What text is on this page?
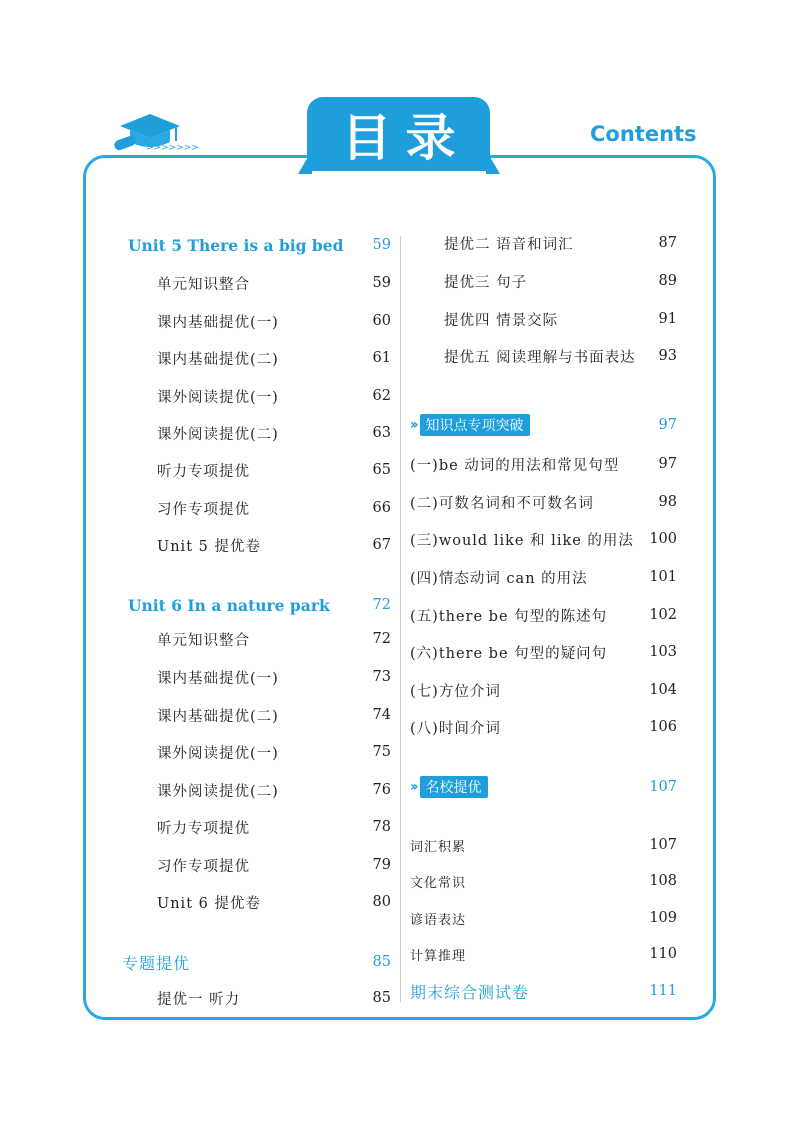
目录	Contents
>>>>>>>
Unit 5 There is a big bed 59
单元知识整合	59
课内基础提优(一)	60
课内基础提优(二)	61
课外阅读提优(一)	62
课外阅读提优(二)	63
听力专项提优	65
习作专项提优	66
Unit 5 提优卷	67
Unit 6 In a nature park	72
单元知识整合	72
课内基础提优(一)	73
课内基础提优(二)	74
课外阅读提优(一)	75
课外阅读提优(二)	76
听力专项提优	78
习作专项提优	79
Unit 6 提优卷	80
专题提优	85
提优一 听力	85
提优二 语音和词汇	87
提优三 句子	89
提优四 情景交际	91
提优五 阅读理解与书面表达 93
›› 知识点专项突破	97
(一)be 动词的用法和常见句型	97
(二)可数名词和不可数名词	98
(三)would like 和 like 的用法 100
(四)情态动词 can 的用法	101
(五)there be 句型的陈述句	102
(六)there be 句型的疑问句	103
(七)方位介词	104
(八)时间介词	106
›› 名校提优	107
词汇积累	107
文化常识	108
谚语表达	109
计算推理	110
期末综合测试卷	111
